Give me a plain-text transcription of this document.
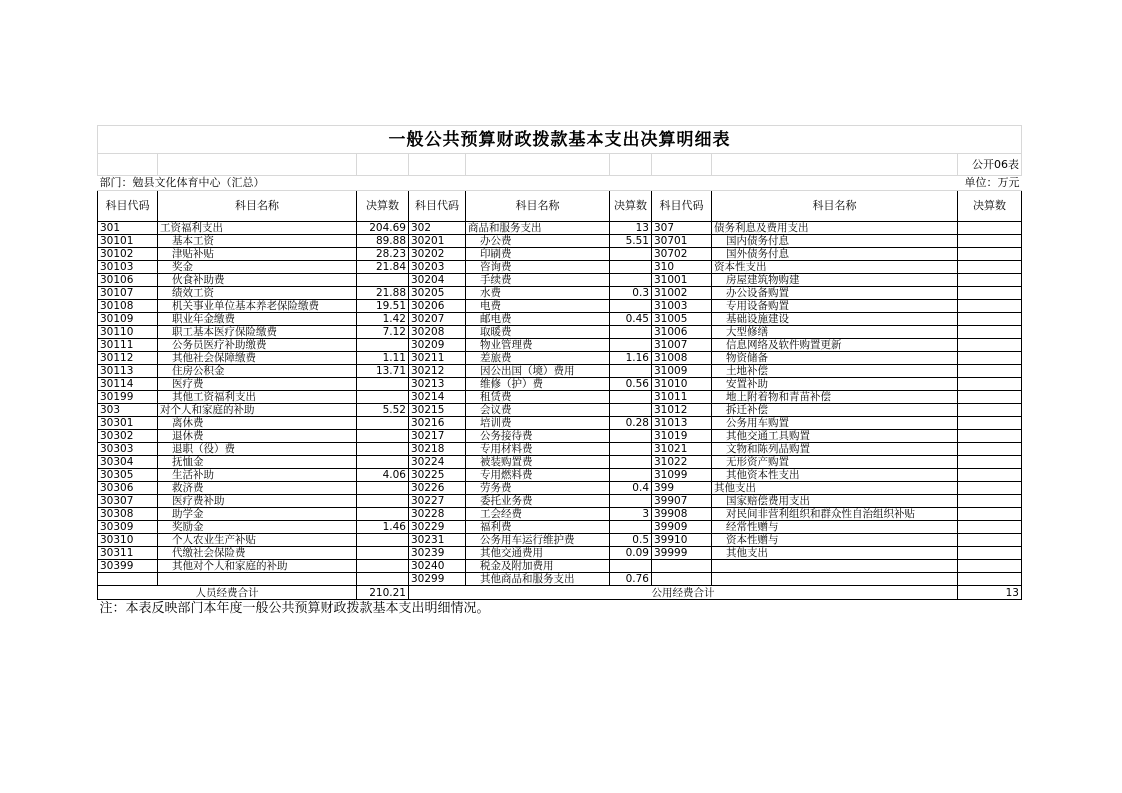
一般公共预算财政拨款基本支出决算明细表								
								公开06表
部门：勉县文化体育中心（汇总）								单位：万元
科目代码	科目名称	决算数	科目代码	科目名称	决算数	科目代码	科目名称	决算数
301	工资福利支出	204.69	302	商品和服务支出	13	307	债务利息及费用支出	
30101	基本工资	89.88	30201	办公费	5.51	30701	国内债务付息	
30102	津贴补贴	28.23	30202	印刷费		30702	国外债务付息	
30103	奖金	21.84	30203	咨询费		310	资本性支出	
30106	伙食补助费		30204	手续费		31001	房屋建筑物购建	
30107	绩效工资	21.88	30205	水费	0.3	31002	办公设备购置	
30108	机关事业单位基本养老保险缴费	19.51	30206	电费		31003	专用设备购置	
30109	职业年金缴费	1.42	30207	邮电费	0.45	31005	基础设施建设	
30110	职工基本医疗保险缴费	7.12	30208	取暖费		31006	大型修缮	
30111	公务员医疗补助缴费		30209	物业管理费		31007	信息网络及软件购置更新	
30112	其他社会保障缴费	1.11	30211	差旅费	1.16	31008	物资储备	
30113	住房公积金	13.71	30212	因公出国（境）费用		31009	土地补偿	
30114	医疗费		30213	维修（护）费	0.56	31010	安置补助	
30199	其他工资福利支出		30214	租赁费		31011	地上附着物和青苗补偿	
303	对个人和家庭的补助	5.52	30215	会议费		31012	拆迁补偿	
30301	离休费		30216	培训费	0.28	31013	公务用车购置	
30302	退休费		30217	公务接待费		31019	其他交通工具购置	
30303	退职（役）费		30218	专用材料费		31021	文物和陈列品购置	
30304	抚恤金		30224	被装购置费		31022	无形资产购置	
30305	生活补助	4.06	30225	专用燃料费		31099	其他资本性支出	
30306	救济费		30226	劳务费	0.4	399	其他支出	
30307	医疗费补助		30227	委托业务费		39907	国家赔偿费用支出	
30308	助学金		30228	工会经费	3	39908	对民间非营利组织和群众性自治组织补贴	
30309	奖励金	1.46	30229	福利费		39909	经常性赠与	
30310	个人农业生产补贴		30231	公务用车运行维护费	0.5	39910	资本性赠与	
30311	代缴社会保险费		30239	其他交通费用	0.09	39999	其他支出	
30399	其他对个人和家庭的补助		30240	税金及附加费用				
			30299	其他商品和服务支出	0.76			
人员经费合计		210.21	公用经费合计					13
注：本表反映部门本年度一般公共预算财政拨款基本支出明细情况。								
